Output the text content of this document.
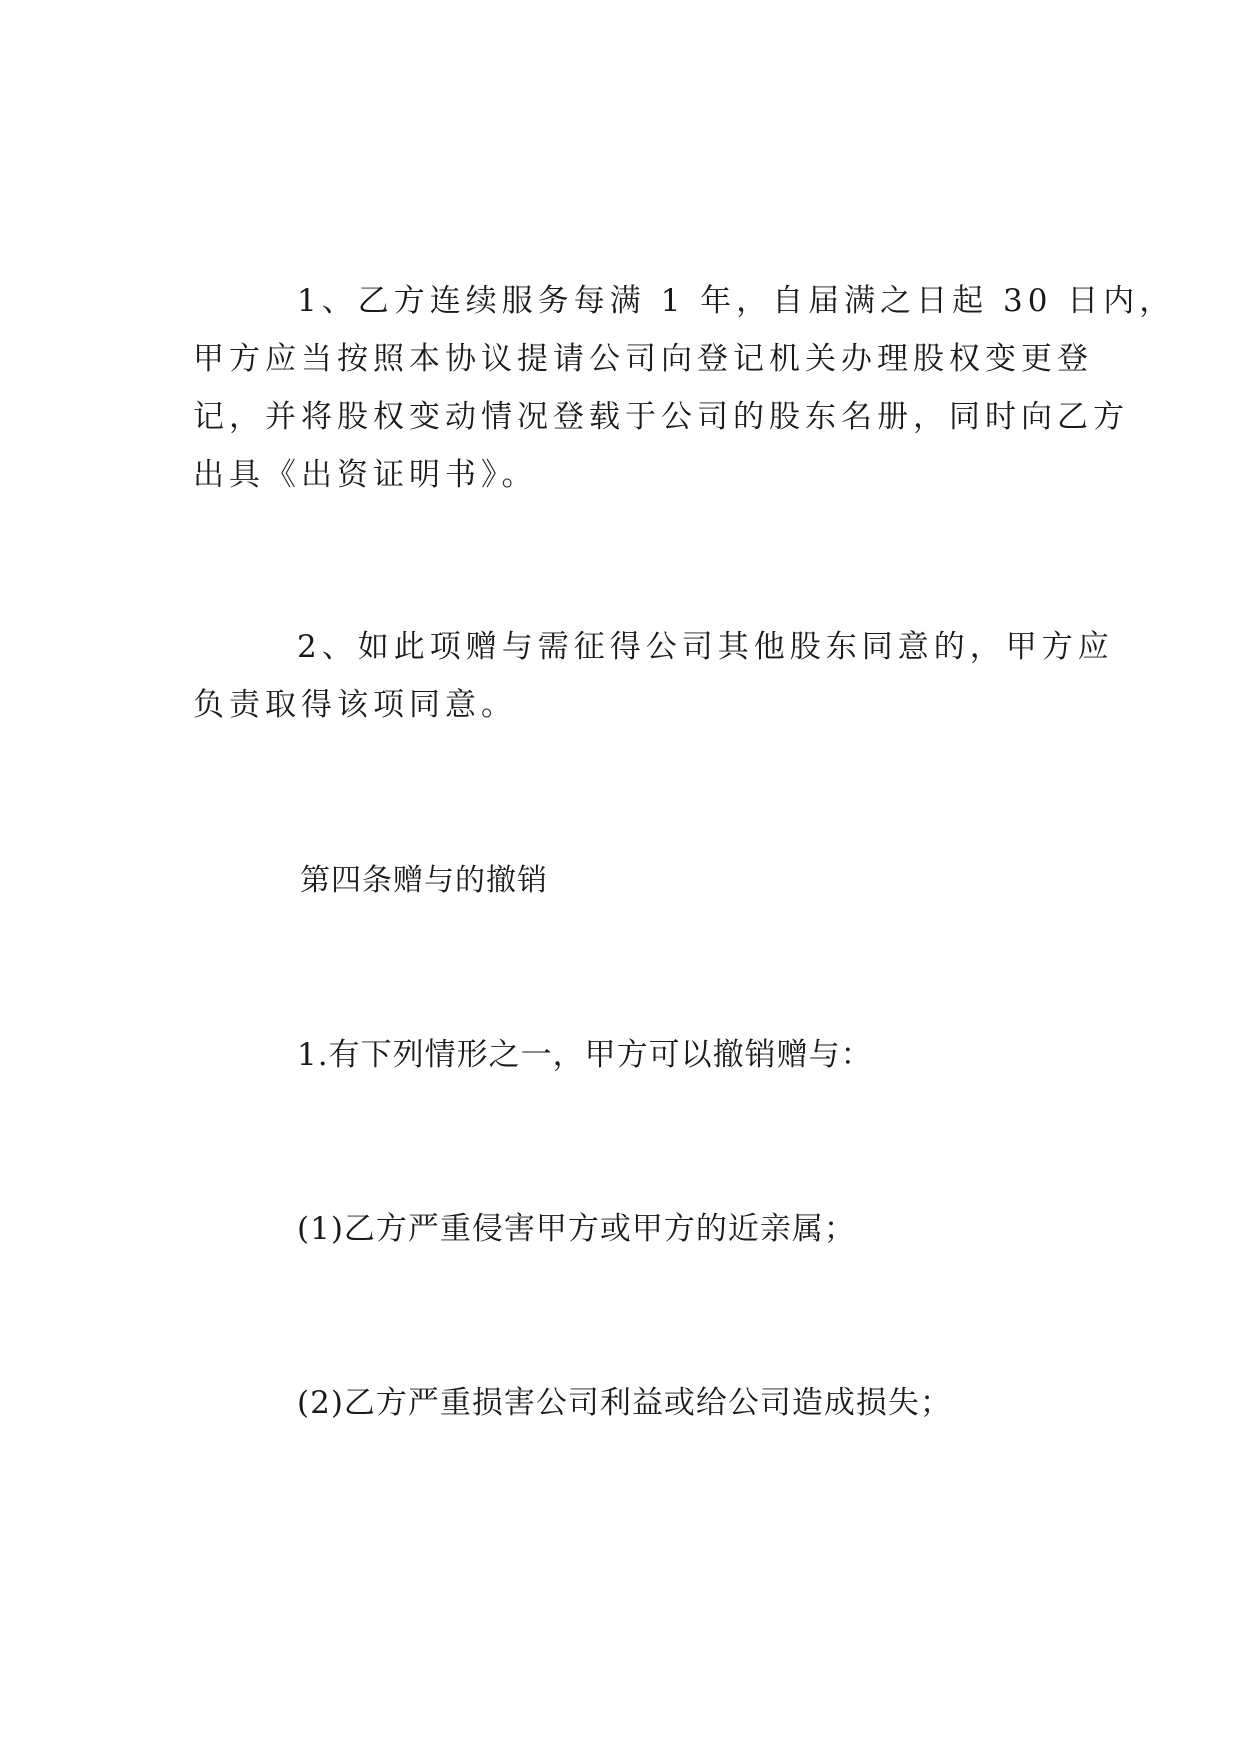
1、乙方连续服务每满 1 年，自届满之日起 30 日内，
甲方应当按照本协议提请公司向登记机关办理股权变更登
记，并将股权变动情况登载于公司的股东名册，同时向乙方
出具《出资证明书》。
2、如此项赠与需征得公司其他股东同意的，甲方应
负责取得该项同意。

第四条赠与的撤销

1.有下列情形之一，甲方可以撤销赠与：

(1)乙方严重侵害甲方或甲方的近亲属；

(2)乙方严重损害公司利益或给公司造成损失；
